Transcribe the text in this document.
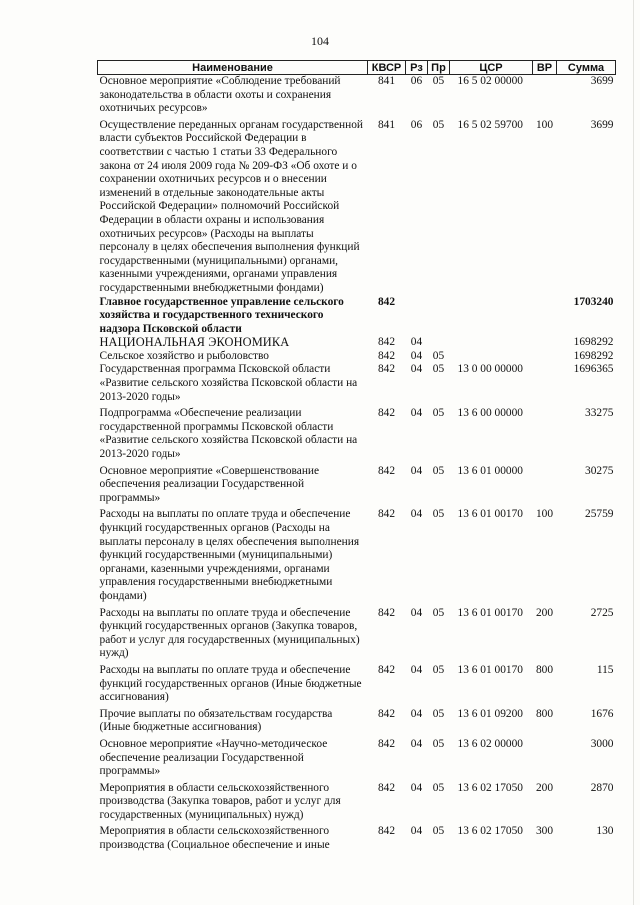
104
Наименование	КВСР	Рз	Пр	ЦСР	ВР	Сумма
Основное мероприятие «Соблюдение требований законодательства в области охоты и сохранения охотничьих ресурсов»	841	06	05	16 5 02 00000		3699
Осуществление переданных органам государственной власти субъектов Российской Федерации в соответствии с частью 1 статьи 33 Федерального закона от 24 июля 2009 года № 209-ФЗ «Об охоте и о сохранении охотничьих ресурсов и о внесении изменений в отдельные законодательные акты Российской Федерации» полномочий Российской Федерации в области охраны и использования охотничьих ресурсов» (Расходы на выплаты персоналу в целях обеспечения выполнения функций государственными (муниципальными) органами, казенными учреждениями, органами управления государственными внебюджетными фондами)	841	06	05	16 5 02 59700	100	3699
Главное государственное управление сельского хозяйства и государственного технического надзора Псковской области	842					1703240
НАЦИОНАЛЬНАЯ ЭКОНОМИКА	842	04				1698292
Сельское хозяйство и рыболовство	842	04	05			1698292
Государственная программа Псковской области «Развитие сельского хозяйства Псковской области на 2013-2020 годы»	842	04	05	13 0 00 00000		1696365
Подпрограмма «Обеспечение реализации государственной программы Псковской области «Развитие сельского хозяйства Псковской области на 2013-2020 годы»	842	04	05	13 6 00 00000		33275
Основное мероприятие «Совершенствование обеспечения реализации Государственной программы»	842	04	05	13 6 01 00000		30275
Расходы на выплаты по оплате труда и обеспечение функций государственных органов (Расходы на выплаты персоналу в целях обеспечения выполнения функций государственными (муниципальными) органами, казенными учреждениями, органами управления государственными внебюджетными фондами)	842	04	05	13 6 01 00170	100	25759
Расходы на выплаты по оплате труда и обеспечение функций государственных органов (Закупка товаров, работ и услуг для государственных (муниципальных) нужд)	842	04	05	13 6 01 00170	200	2725
Расходы на выплаты по оплате труда и обеспечение функций государственных органов (Иные бюджетные ассигнования)	842	04	05	13 6 01 00170	800	115
Прочие выплаты по обязательствам государства (Иные бюджетные ассигнования)	842	04	05	13 6 01 09200	800	1676
Основное мероприятие «Научно-методическое обеспечение реализации Государственной программы»	842	04	05	13 6 02 00000		3000
Мероприятия в области сельскохозяйственного производства (Закупка товаров, работ и услуг для государственных (муниципальных) нужд)	842	04	05	13 6 02 17050	200	2870
Мероприятия в области сельскохозяйственного производства (Социальное обеспечение и иные	842	04	05	13 6 02 17050	300	130
